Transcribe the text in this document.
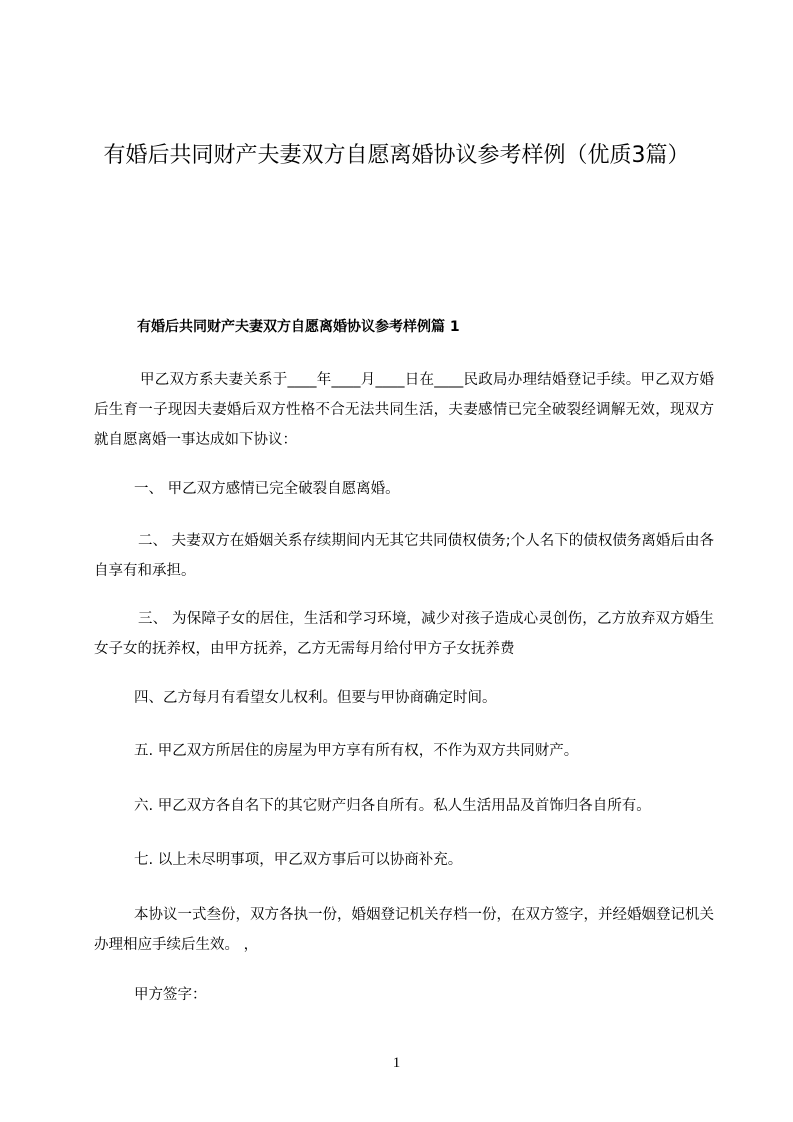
有婚后共同财产夫妻双方自愿离婚协议参考样例（优质3篇）
有婚后共同财产夫妻双方自愿离婚协议参考样例篇 1

甲乙双方系夫妻关系于____年____月____日在____民政局办理结婚登记手续。甲乙双方婚后生育一子现因夫妻婚后双方性格不合无法共同生活，夫妻感情已完全破裂经调解无效，现双方就自愿离婚一事达成如下协议：

一、 甲乙双方感情已完全破裂自愿离婚。

二、 夫妻双方在婚姻关系存续期间内无其它共同债权债务;个人名下的债权债务离婚后由各自享有和承担。

三、 为保障子女的居住，生活和学习环境，减少对孩子造成心灵创伤，乙方放弃双方婚生女子女的抚养权，由甲方抚养，乙方无需每月给付甲方子女抚养费

四、乙方每月有看望女儿权利。但要与甲协商确定时间。

五. 甲乙双方所居住的房屋为甲方享有所有权，不作为双方共同财产。

六. 甲乙双方各自名下的其它财产归各自所有。私人生活用品及首饰归各自所有。

七. 以上未尽明事项，甲乙双方事后可以协商补充。

本协议一式叁份，双方各执一份，婚姻登记机关存档一份，在双方签字，并经婚姻登记机关办理相应手续后生效。 ，

甲方签字：

1
